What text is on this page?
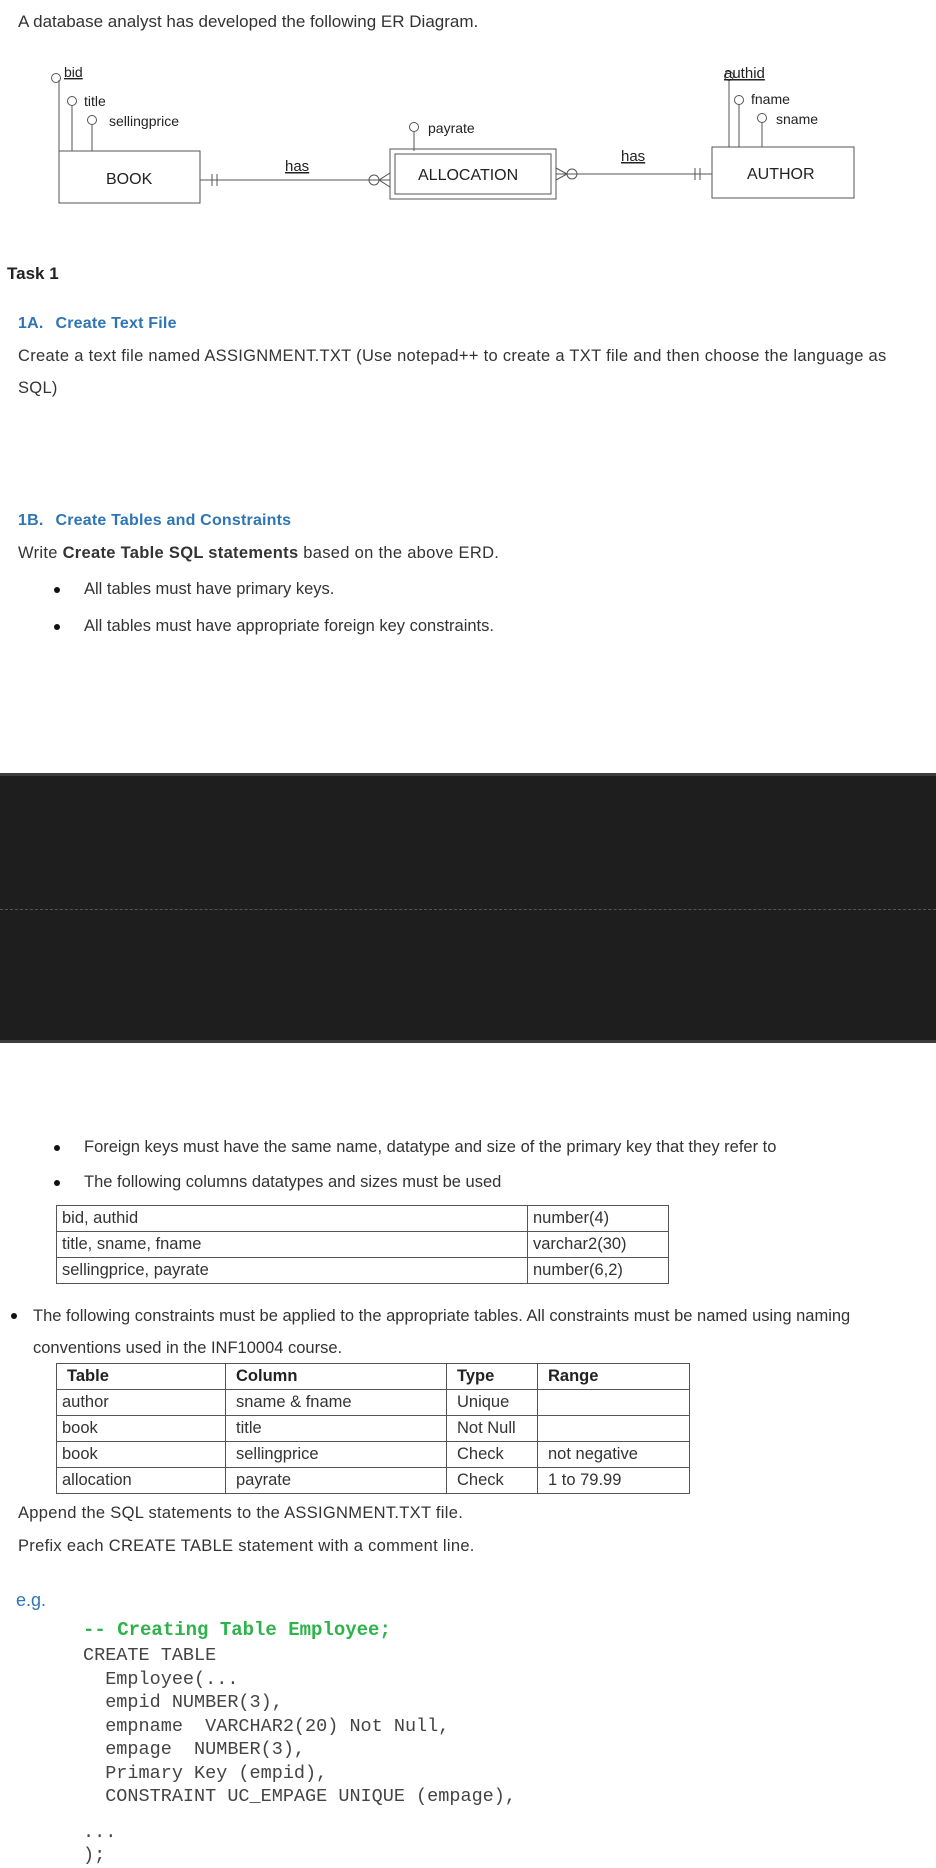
A database analyst has developed the following ER Diagram.
bid
title
sellingprice
BOOK
has
payrate
ALLOCATION
has
authid
fname
sname
AUTHOR
Task 1
1A. Create Text File
Create a text file named ASSIGNMENT.TXT (Use notepad++ to create a TXT file and then choose the language as SQL)
1B. Create Tables and Constraints
Write Create Table SQL statements based on the above ERD.
All tables must have primary keys.
All tables must have appropriate foreign key constraints.
Foreign keys must have the same name, datatype and size of the primary key that they refer to
The following columns datatypes and sizes must be used
bid, authid	number(4)
title, sname, fname	varchar2(30)
sellingprice, payrate	number(6,2)
The following constraints must be applied to the appropriate tables. All constraints must be named using naming conventions used in the INF10004 course.
Table	Column	Type	Range
author	sname & fname	Unique	
book	title	Not Null	
book	sellingprice	Check	not negative
allocation	payrate	Check	1 to 79.99
Append the SQL statements to the ASSIGNMENT.TXT file.
Prefix each CREATE TABLE statement with a comment line.
e.g.
-- Creating Table Employee;
CREATE TABLE
Employee(...
empid NUMBER(3),
empname  VARCHAR2(20) Not Null,
empage  NUMBER(3),
Primary Key (empid),
CONSTRAINT UC_EMPAGE UNIQUE (empage),
...
);
